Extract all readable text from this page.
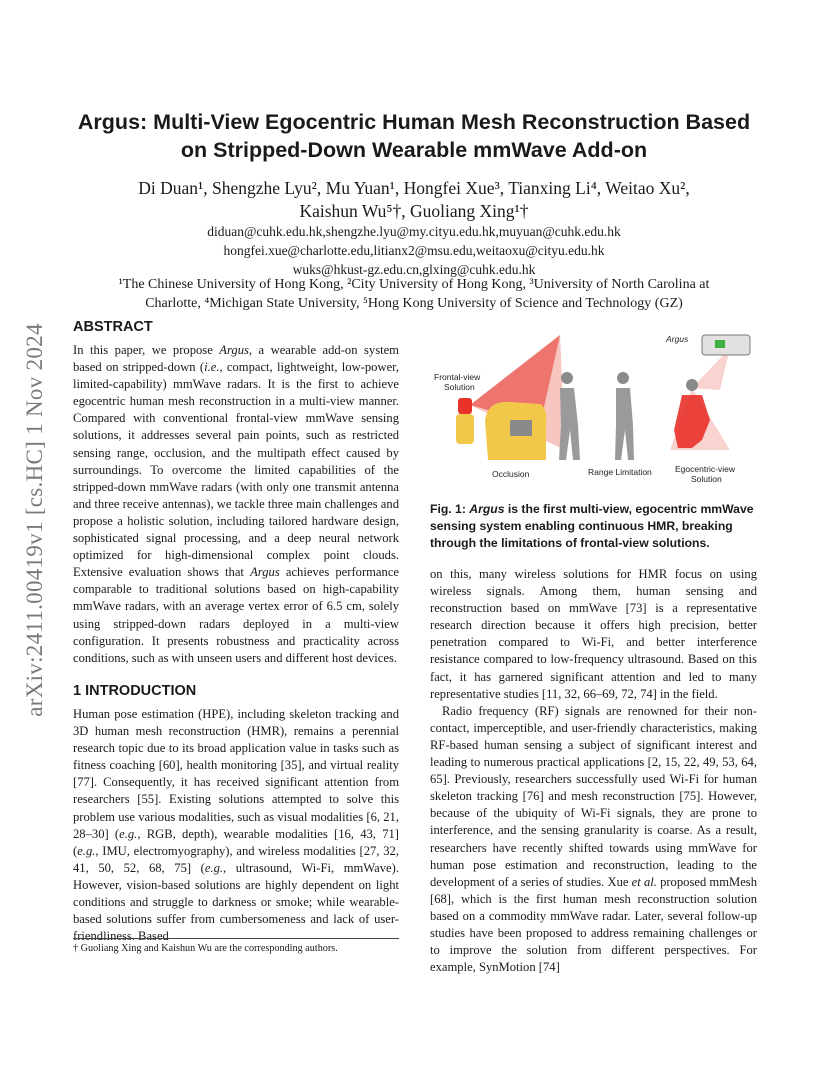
arXiv:2411.00419v1 [cs.HC] 1 Nov 2024
Argus: Multi-View Egocentric Human Mesh Reconstruction Based
on Stripped-Down Wearable mmWave Add-on
Di Duan¹, Shengzhe Lyu², Mu Yuan¹, Hongfei Xue³, Tianxing Li⁴, Weitao Xu²,
Kaishun Wu⁵†, Guoliang Xing¹†
diduan@cuhk.edu.hk,shengzhe.lyu@my.cityu.edu.hk,muyuan@cuhk.edu.hk
hongfei.xue@charlotte.edu,litianx2@msu.edu,weitaoxu@cityu.edu.hk
wuks@hkust-gz.edu.cn,glxing@cuhk.edu.hk
¹The Chinese University of Hong Kong, ²City University of Hong Kong, ³University of North Carolina at
Charlotte, ⁴Michigan State University, ⁵Hong Kong University of Science and Technology (GZ)
ABSTRACT

In this paper, we propose Argus, a wearable add-on system based on stripped-down (i.e., compact, lightweight, low-power, limited-capability) mmWave radars. It is the first to achieve egocentric human mesh reconstruction in a multi-view manner. Compared with conventional frontal-view mmWave sensing solutions, it addresses several pain points, such as restricted sensing range, occlusion, and the multipath effect caused by surroundings. To overcome the limited capabilities of the stripped-down mmWave radars (with only one transmit antenna and three receive antennas), we tackle three main challenges and propose a holistic solution, including tailored hardware design, sophisticated signal processing, and a deep neural network optimized for high-dimensional complex point clouds. Extensive evaluation shows that Argus achieves performance comparable to traditional solutions based on high-capability mmWave radars, with an average vertex error of 6.5 cm, solely using stripped-down radars deployed in a multi-view configuration. It presents robustness and practicality across conditions, such as with unseen users and different host devices.

1 INTRODUCTION

Human pose estimation (HPE), including skeleton tracking and 3D human mesh reconstruction (HMR), remains a perennial research topic due to its broad application value in tasks such as fitness coaching [60], health monitoring [35], and virtual reality [77]. Consequently, it has received significant attention from researchers [55]. Existing solutions attempted to solve this problem use various modalities, such as visual modalities [6, 21, 28–30] (e.g., RGB, depth), wearable modalities [16, 43, 71] (e.g., IMU, electromyography), and wireless modalities [27, 32, 41, 50, 52, 68, 75] (e.g., ultrasound, Wi-Fi, mmWave). However, vision-based solutions are highly dependent on light conditions and struggle to darkness or smoke; while wearable-based solutions suffer from cumbersomeness and lack of user-friendliness. Based

Argus
Frontal-view
Solution
Occlusion	Range Limitation	Egocentric-view
Solution
Fig. 1: Argus is the first multi-view, egocentric mmWave sensing system enabling continuous HMR, breaking through the limitations of frontal-view solutions.

on this, many wireless solutions for HMR focus on using wireless signals. Among them, human sensing and reconstruction based on mmWave [73] is a representative research direction because it offers high precision, better penetration compared to Wi-Fi, and better interference resistance compared to low-frequency ultrasound. Based on this fact, it has garnered significant attention and led to many representative studies [11, 32, 66–69, 72, 74] in the field.

Radio frequency (RF) signals are renowned for their non-contact, imperceptible, and user-friendly characteristics, making RF-based human sensing a subject of significant interest and leading to numerous practical applications [2, 15, 22, 49, 53, 64, 65]. Previously, researchers successfully used Wi-Fi for human skeleton tracking [76] and mesh reconstruction [75]. However, because of the ubiquity of Wi-Fi signals, they are prone to interference, and the sensing granularity is coarse. As a result, researchers have recently shifted towards using mmWave for human pose estimation and reconstruction, leading to the development of a series of studies. Xue et al. proposed mmMesh [68], which is the first human mesh reconstruction solution based on a commodity mmWave radar. Later, several follow-up studies have been proposed to address remaining challenges or to improve the solution from different perspectives. For example, SynMotion [74]

† Guoliang Xing and Kaishun Wu are the corresponding authors.
